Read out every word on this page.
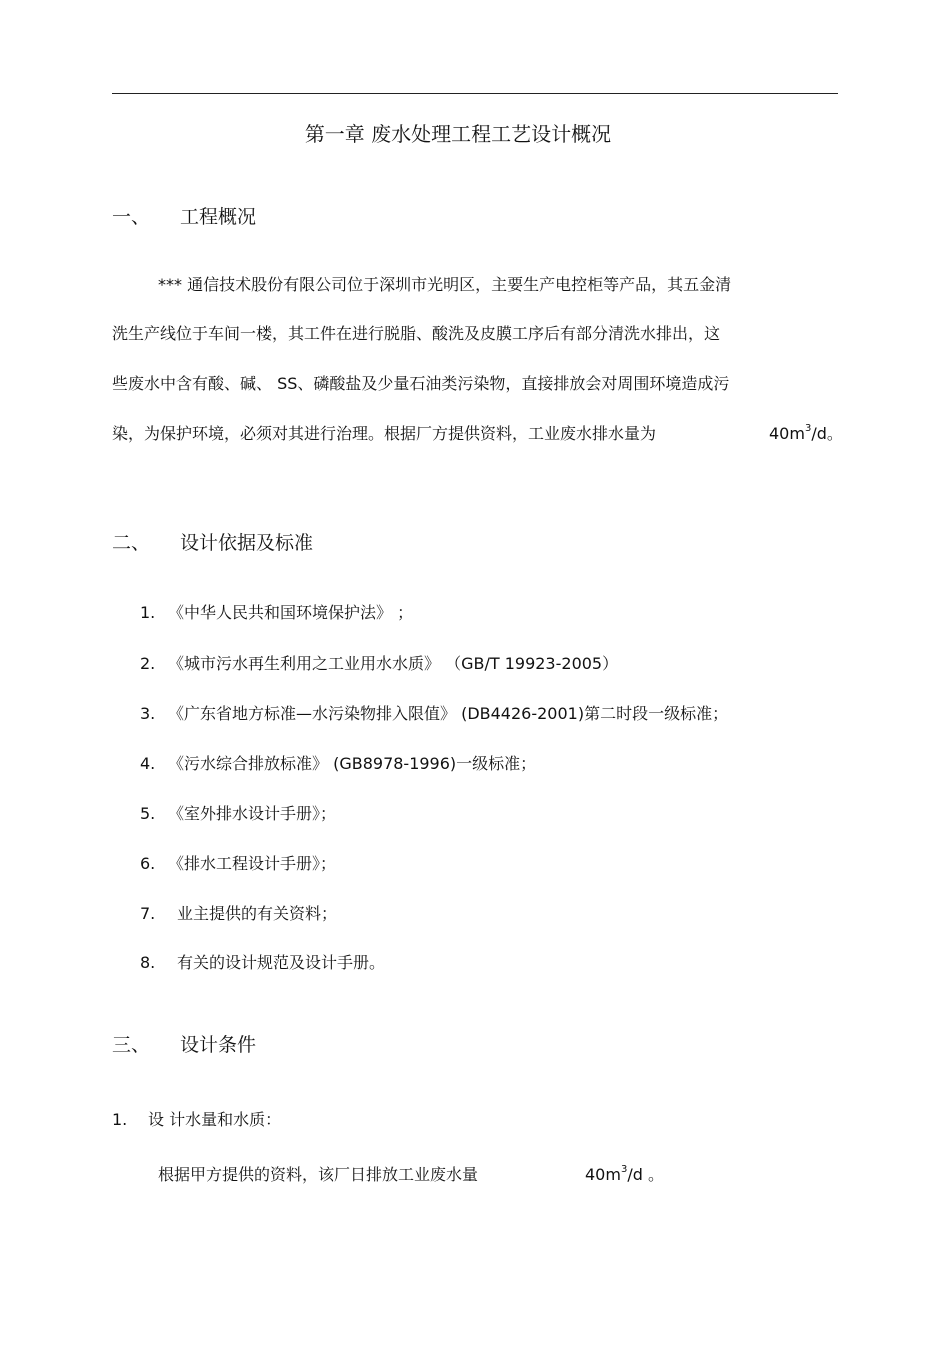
第一章 废水处理工程工艺设计概况
一、 工程概况
*** 通信技术股份有限公司位于深圳市光明区，主要生产电控柜等产品，其五金清
洗生产线位于车间一楼，其工件在进行脱脂、酸洗及皮膜工序后有部分清洗水排出，这
些废水中含有酸、碱、 SS、磷酸盐及少量石油类污染物，直接排放会对周围环境造成污
染，为保护环境，必须对其进行治理。根据厂方提供资料，工业废水排水量为	$40m^3/d$。
二、 设计依据及标准
1. 《中华人民共和国环境保护法》 ；
2. 《城市污水再生利用之工业用水水质》 （GB/T 19923-2005）
3. 《广东省地方标准—水污染物排入限值》 (DB4426-2001)第二时段一级标准；
4. 《污水综合排放标准》 (GB8978-1996)一级标准；
5. 《室外排水设计手册》；
6. 《排水工程设计手册》；
7. 业主提供的有关资料；
8. 有关的设计规范及设计手册。
三、 设计条件
1. 设 计水量和水质：
根据甲方提供的资料，该厂日排放工业废水量	$40m^3/d$ 。
